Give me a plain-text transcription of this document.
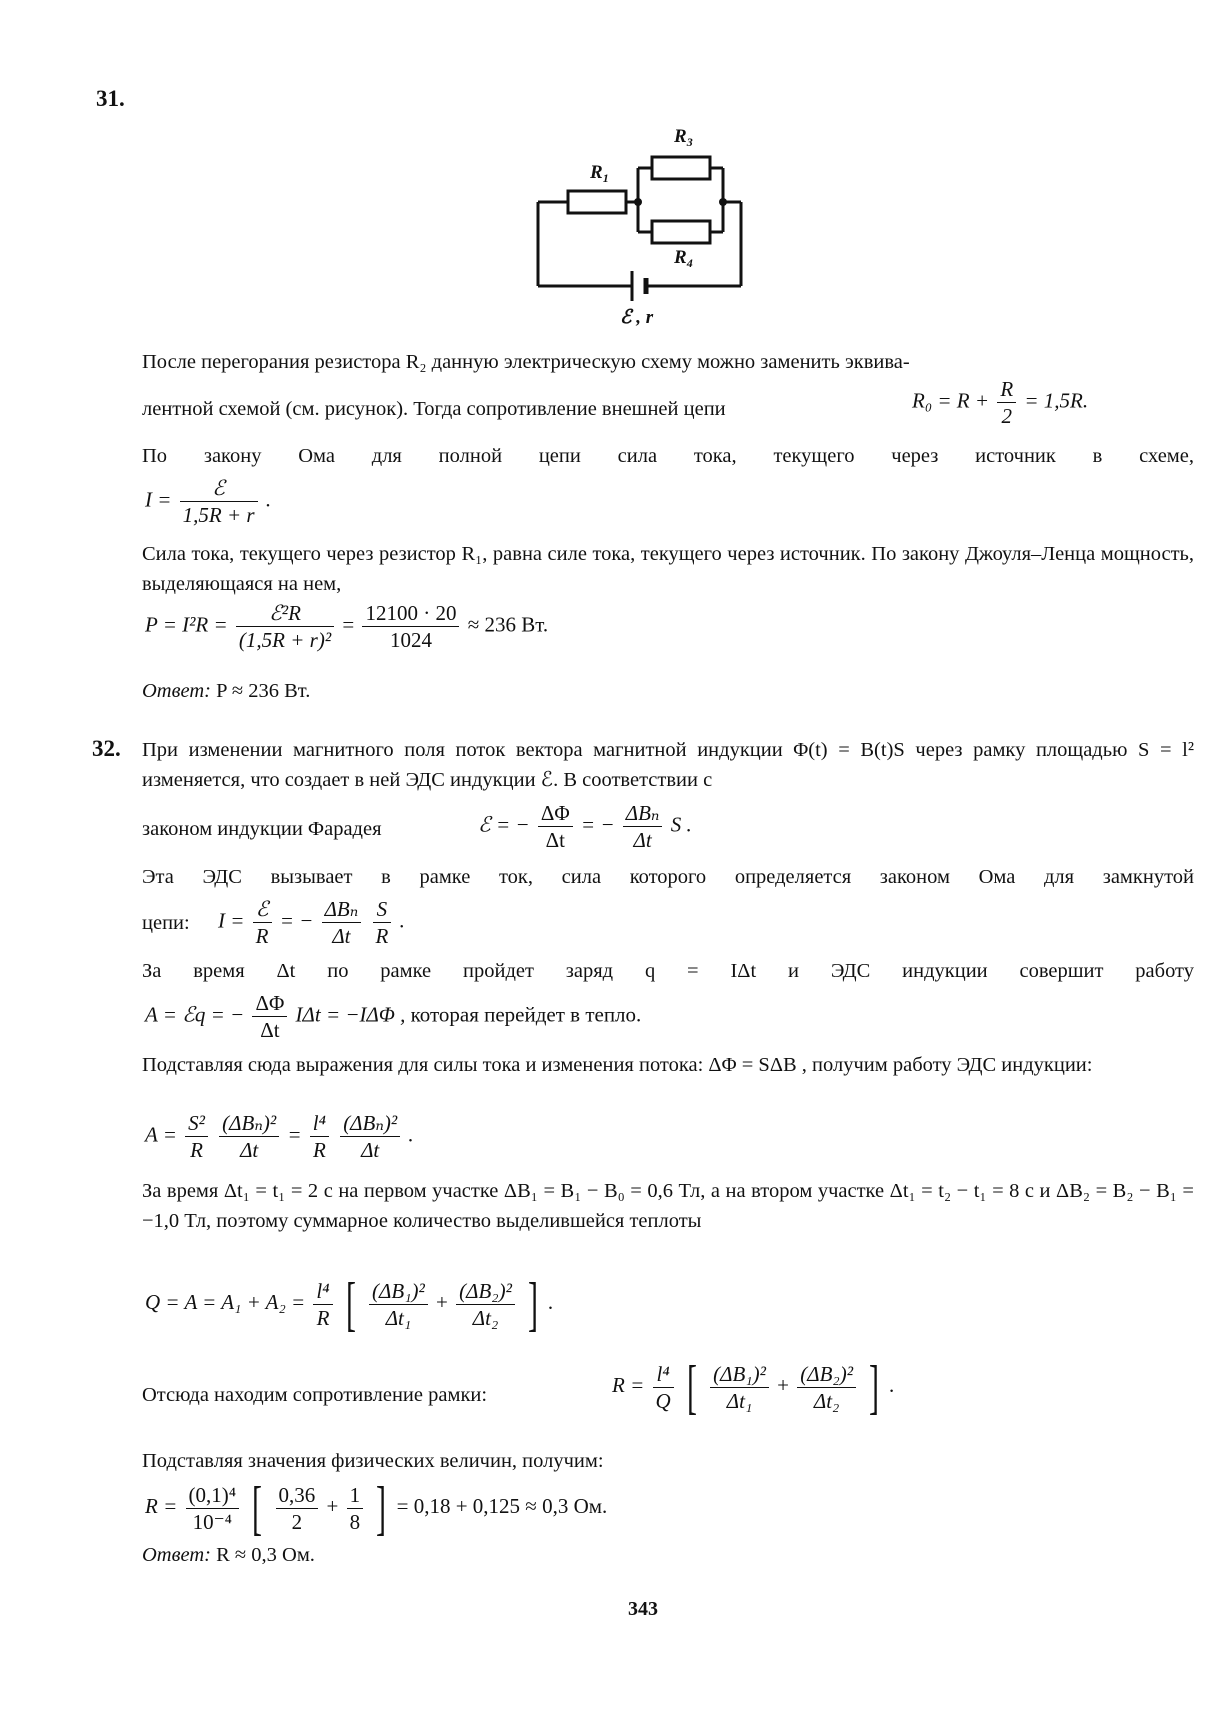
31.
$R_1$
$R_3$
$R_4$
ℰ , r
После перегорания резистора R₂ данную электрическую схему можно заменить эквива-
лентной схемой (см. рисунок). Тогда сопротивление внешней цепи	$R_0 = R + \frac{R}{2} = 1,5R$.
По закону Ома для полной цепи сила тока, текущего через источник в схеме,
$I = \frac{\text{ℰ}}{1,5R + r}$ .
Сила тока, текущего через резистор R₁, равна силе тока, текущего через источник. По закону Джоуля–Ленца мощность, выделяющаяся на нем,
$P = I^2R = \frac{\text{ℰ²R}}{\text{(1,5R + r)²}} = \frac{12100 \cdot 20}{1024} \approx 236$ Вт.
Ответ: P ≈ 236 Вт.
32. При изменении магнитного поля поток вектора магнитной индукции Φ(t) = B(t)S через рамку площадью S = l² изменяется, что создает в ней ЭДС индукции ℰ. В соответствии с
законом индукции Фарадея	ℰ = − $\frac{\Delta\Phi}{\Delta t}$ = − $\frac{\text{ΔBₙ}}{\Delta t}$ S .
Эта ЭДС вызывает в рамке ток, сила которого определяется законом Ома для замкнутой
цепи: $I = \frac{\text{ℰ}}{R}$ = − $\frac{\text{ΔBₙ}}{\Delta t}$
$\frac{S}{R}$ .
За время Δt по рамке пройдет заряд q = IΔt и ЭДС индукции совершит работу
A = ℰq = − $\frac{\Delta\Phi}{\Delta t}$ IΔt = −IΔΦ , которая перейдет в тепло.
Подставляя сюда выражения для силы тока и изменения потока: ΔΦ = SΔB , получим работу ЭДС индукции:
$A = \frac{\text{S²}}{R}$
$\frac{\text{(ΔBₙ)²}}{\Delta t} = \frac{\text{l⁴}}{R}$
$\frac{\text{(ΔBₙ)²}}{\Delta t}$ .
За время Δt₁ = t₁ = 2 с на первом участке ΔB₁ = B₁ − B₀ = 0,6 Тл, а на втором участке Δt₁ = t₂ − t₁ = 8 с и ΔB₂ = B₂ − B₁ = −1,0 Тл, поэтому суммарное количество выделившейся теплоты
$Q = A = A_1 + A_2 = \frac{\text{l⁴}}{R}$ [ $\frac{\text{(ΔB₁)²}}{\text{Δt₁}} + \frac{\text{(ΔB₂)²}}{\text{Δt₂}}$ ] .
Отсюда находим сопротивление рамки:	$R = \frac{\text{l⁴}}{Q}$ [ $\frac{\text{(ΔB₁)²}}{\text{Δt₁}} + \frac{\text{(ΔB₂)²}}{\text{Δt₂}}$ ] .
Подставляя значения физических величин, получим:
$R = \frac{\text{(0,1)⁴}}{\text{10⁻⁴}}$ [ $\frac{0,36}{2} + \frac{1}{8}$ ] = 0,18 + 0,125 ≈ 0,3 Ом.
Ответ: R ≈ 0,3 Ом.
343
